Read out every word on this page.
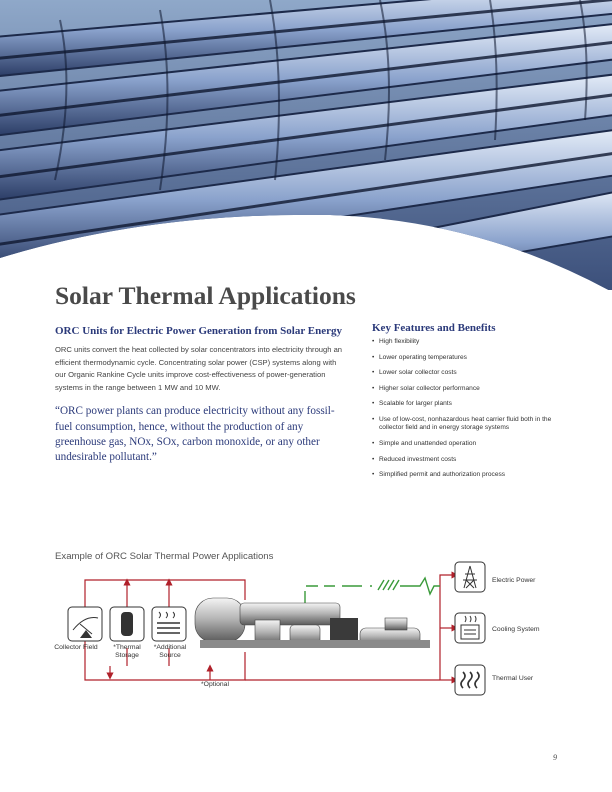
Solar Thermal Applications
ORC Units for Electric Power Generation from Solar Energy

ORC units convert the heat collected by solar concentrators into electricity through an efficient thermodynamic cycle. Concentrating solar power (CSP) systems along with our Organic Rankine Cycle units improve cost-effectiveness of power-generation systems in the range between 1 MW and 10 MW.

“ORC power plants can produce electricity without any fossil-fuel consumption, hence, without the production of any greenhouse gas, NOx, SOx, carbon monoxide, or any other undesirable pollutant.”

Key Features and Benefits
• High flexibility
• Lower operating temperatures
• Lower solar collector costs
• Higher solar collector performance
• Scalable for larger plants
• Use of low-cost, nonhazardous heat carrier fluid both in the collector field and in energy storage systems
• Simple and unattended operation
• Reduced investment costs
• Simplified permit and authorization process

Example of ORC Solar Thermal Power Applications

Collector Field	*Thermal Storage
*Additional Source
*Optional
Electric Power
Cooling System
Thermal User
9
